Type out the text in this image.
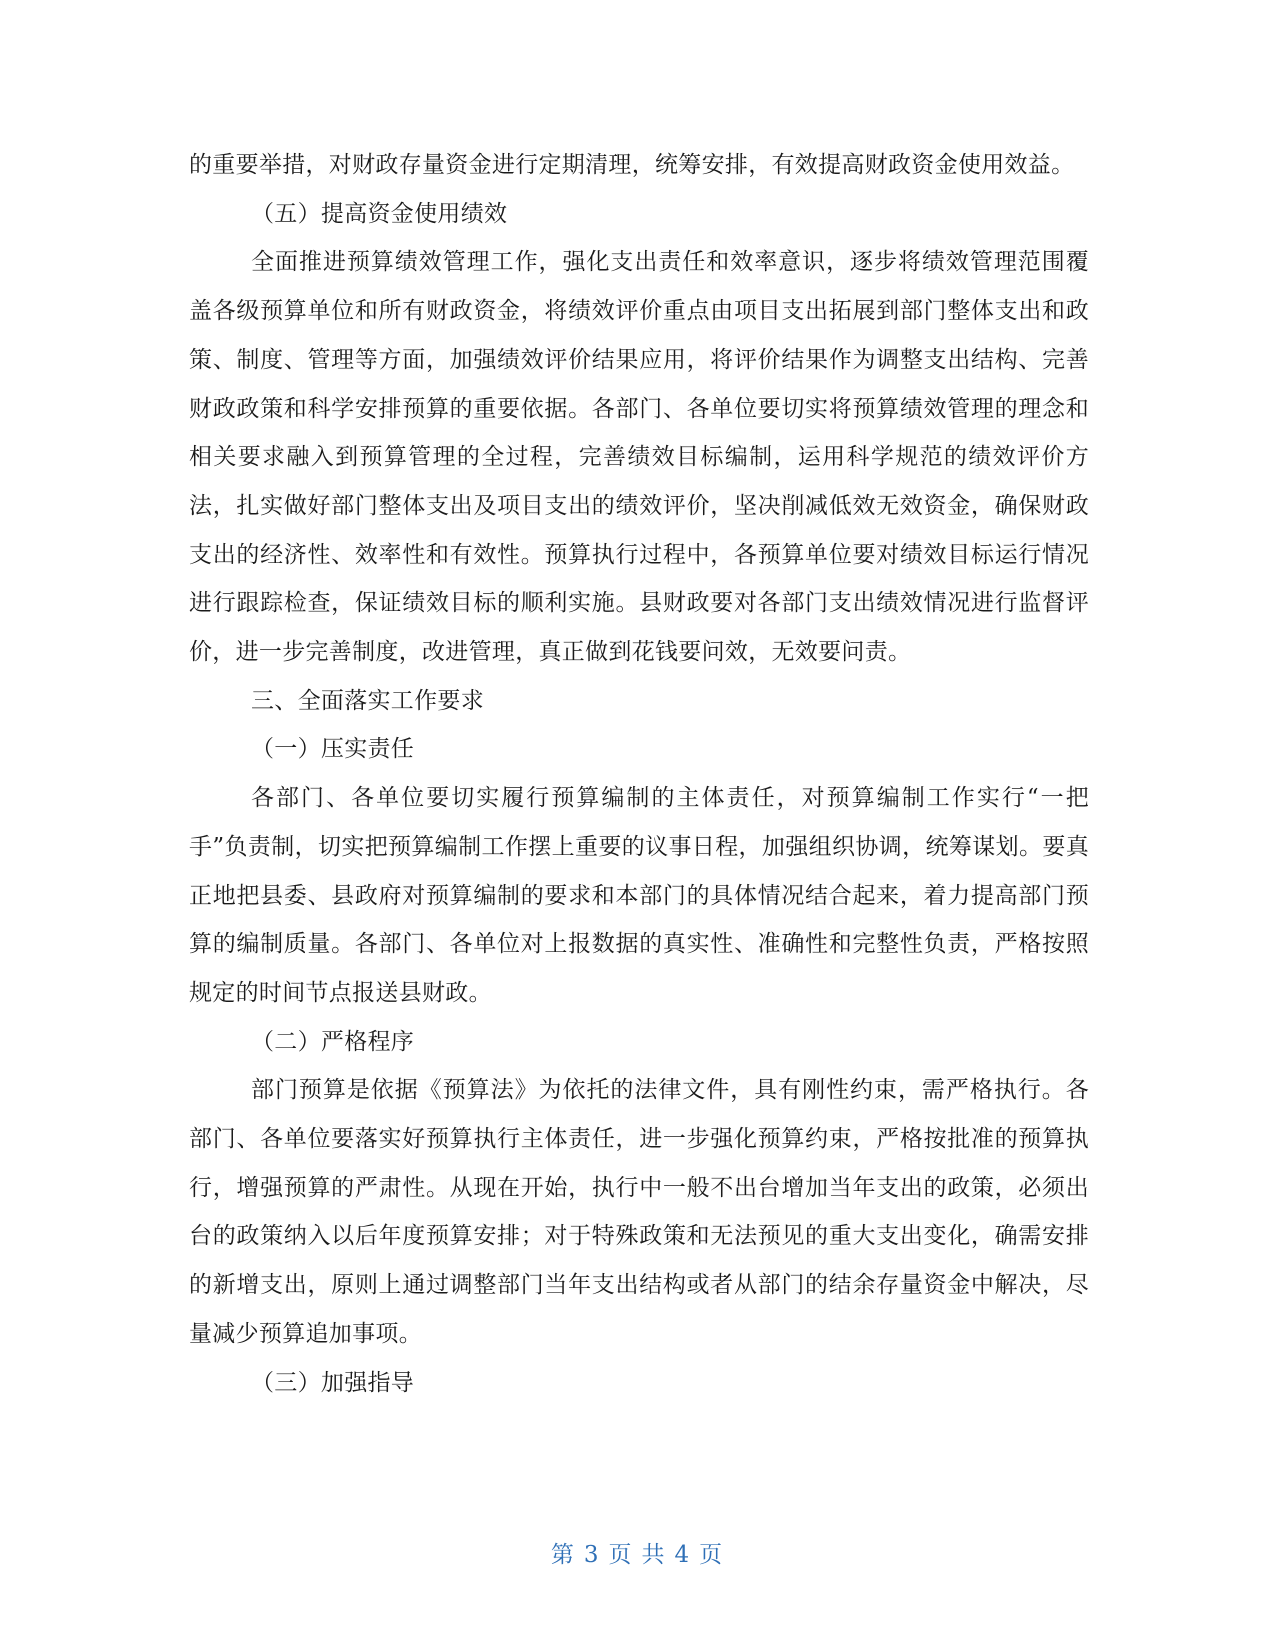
的重要举措，对财政存量资金进行定期清理，统筹安排，有效提高财政资金使用效益。

（五）提高资金使用绩效

全面推进预算绩效管理工作，强化支出责任和效率意识，逐步将绩效管理范围覆盖各级预算单位和所有财政资金，将绩效评价重点由项目支出拓展到部门整体支出和政策、制度、管理等方面，加强绩效评价结果应用，将评价结果作为调整支出结构、完善财政政策和科学安排预算的重要依据。各部门、各单位要切实将预算绩效管理的理念和相关要求融入到预算管理的全过程，完善绩效目标编制，运用科学规范的绩效评价方法，扎实做好部门整体支出及项目支出的绩效评价，坚决削减低效无效资金，确保财政支出的经济性、效率性和有效性。预算执行过程中，各预算单位要对绩效目标运行情况进行跟踪检查，保证绩效目标的顺利实施。县财政要对各部门支出绩效情况进行监督评价，进一步完善制度，改进管理，真正做到花钱要问效，无效要问责。

三、全面落实工作要求

（一）压实责任

各部门、各单位要切实履行预算编制的主体责任，对预算编制工作实行“一把手”负责制，切实把预算编制工作摆上重要的议事日程，加强组织协调，统筹谋划。要真正地把县委、县政府对预算编制的要求和本部门的具体情况结合起来，着力提高部门预算的编制质量。各部门、各单位对上报数据的真实性、准确性和完整性负责，严格按照规定的时间节点报送县财政。

（二）严格程序

部门预算是依据《预算法》为依托的法律文件，具有刚性约束，需严格执行。各部门、各单位要落实好预算执行主体责任，进一步强化预算约束，严格按批准的预算执行，增强预算的严肃性。从现在开始，执行中一般不出台增加当年支出的政策，必须出台的政策纳入以后年度预算安排；对于特殊政策和无法预见的重大支出变化，确需安排的新增支出，原则上通过调整部门当年支出结构或者从部门的结余存量资金中解决，尽量减少预算追加事项。

（三）加强指导

第 3 页 共 4 页
